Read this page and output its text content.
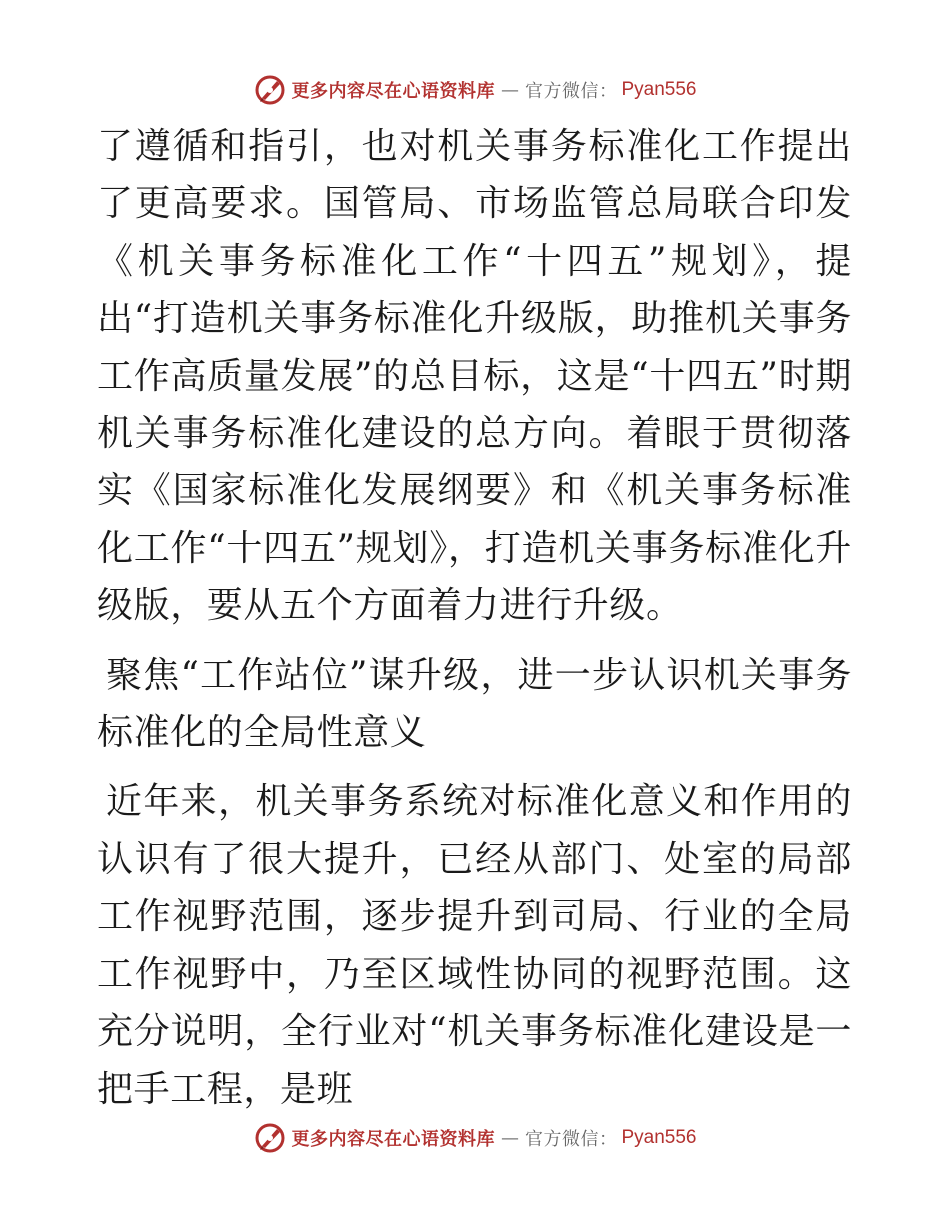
更多内容尽在心语资料库 — 官方微信： Pyan556

了遵循和指引，也对机关事务标准化工作提出了更高要求。国管局、市场监管总局联合印发《机关事务标准化工作“十四五”规划》，提出“打造机关事务标准化升级版，助推机关事务工作高质量发展”的总目标，这是“十四五”时期机关事务标准化建设的总方向。着眼于贯彻落实《国家标准化发展纲要》和《机关事务标准化工作“十四五”规划》，打造机关事务标准化升级版，要从五个方面着力进行升级。

聚焦“工作站位”谋升级，进一步认识机关事务标准化的全局性意义

近年来，机关事务系统对标准化意义和作用的认识有了很大提升，已经从部门、处室的局部工作视野范围，逐步提升到司局、行业的全局工作视野中，乃至区域性协同的视野范围。这充分说明，全行业对“机关事务标准化建设是一把手工程，是班

更多内容尽在心语资料库 — 官方微信： Pyan556
